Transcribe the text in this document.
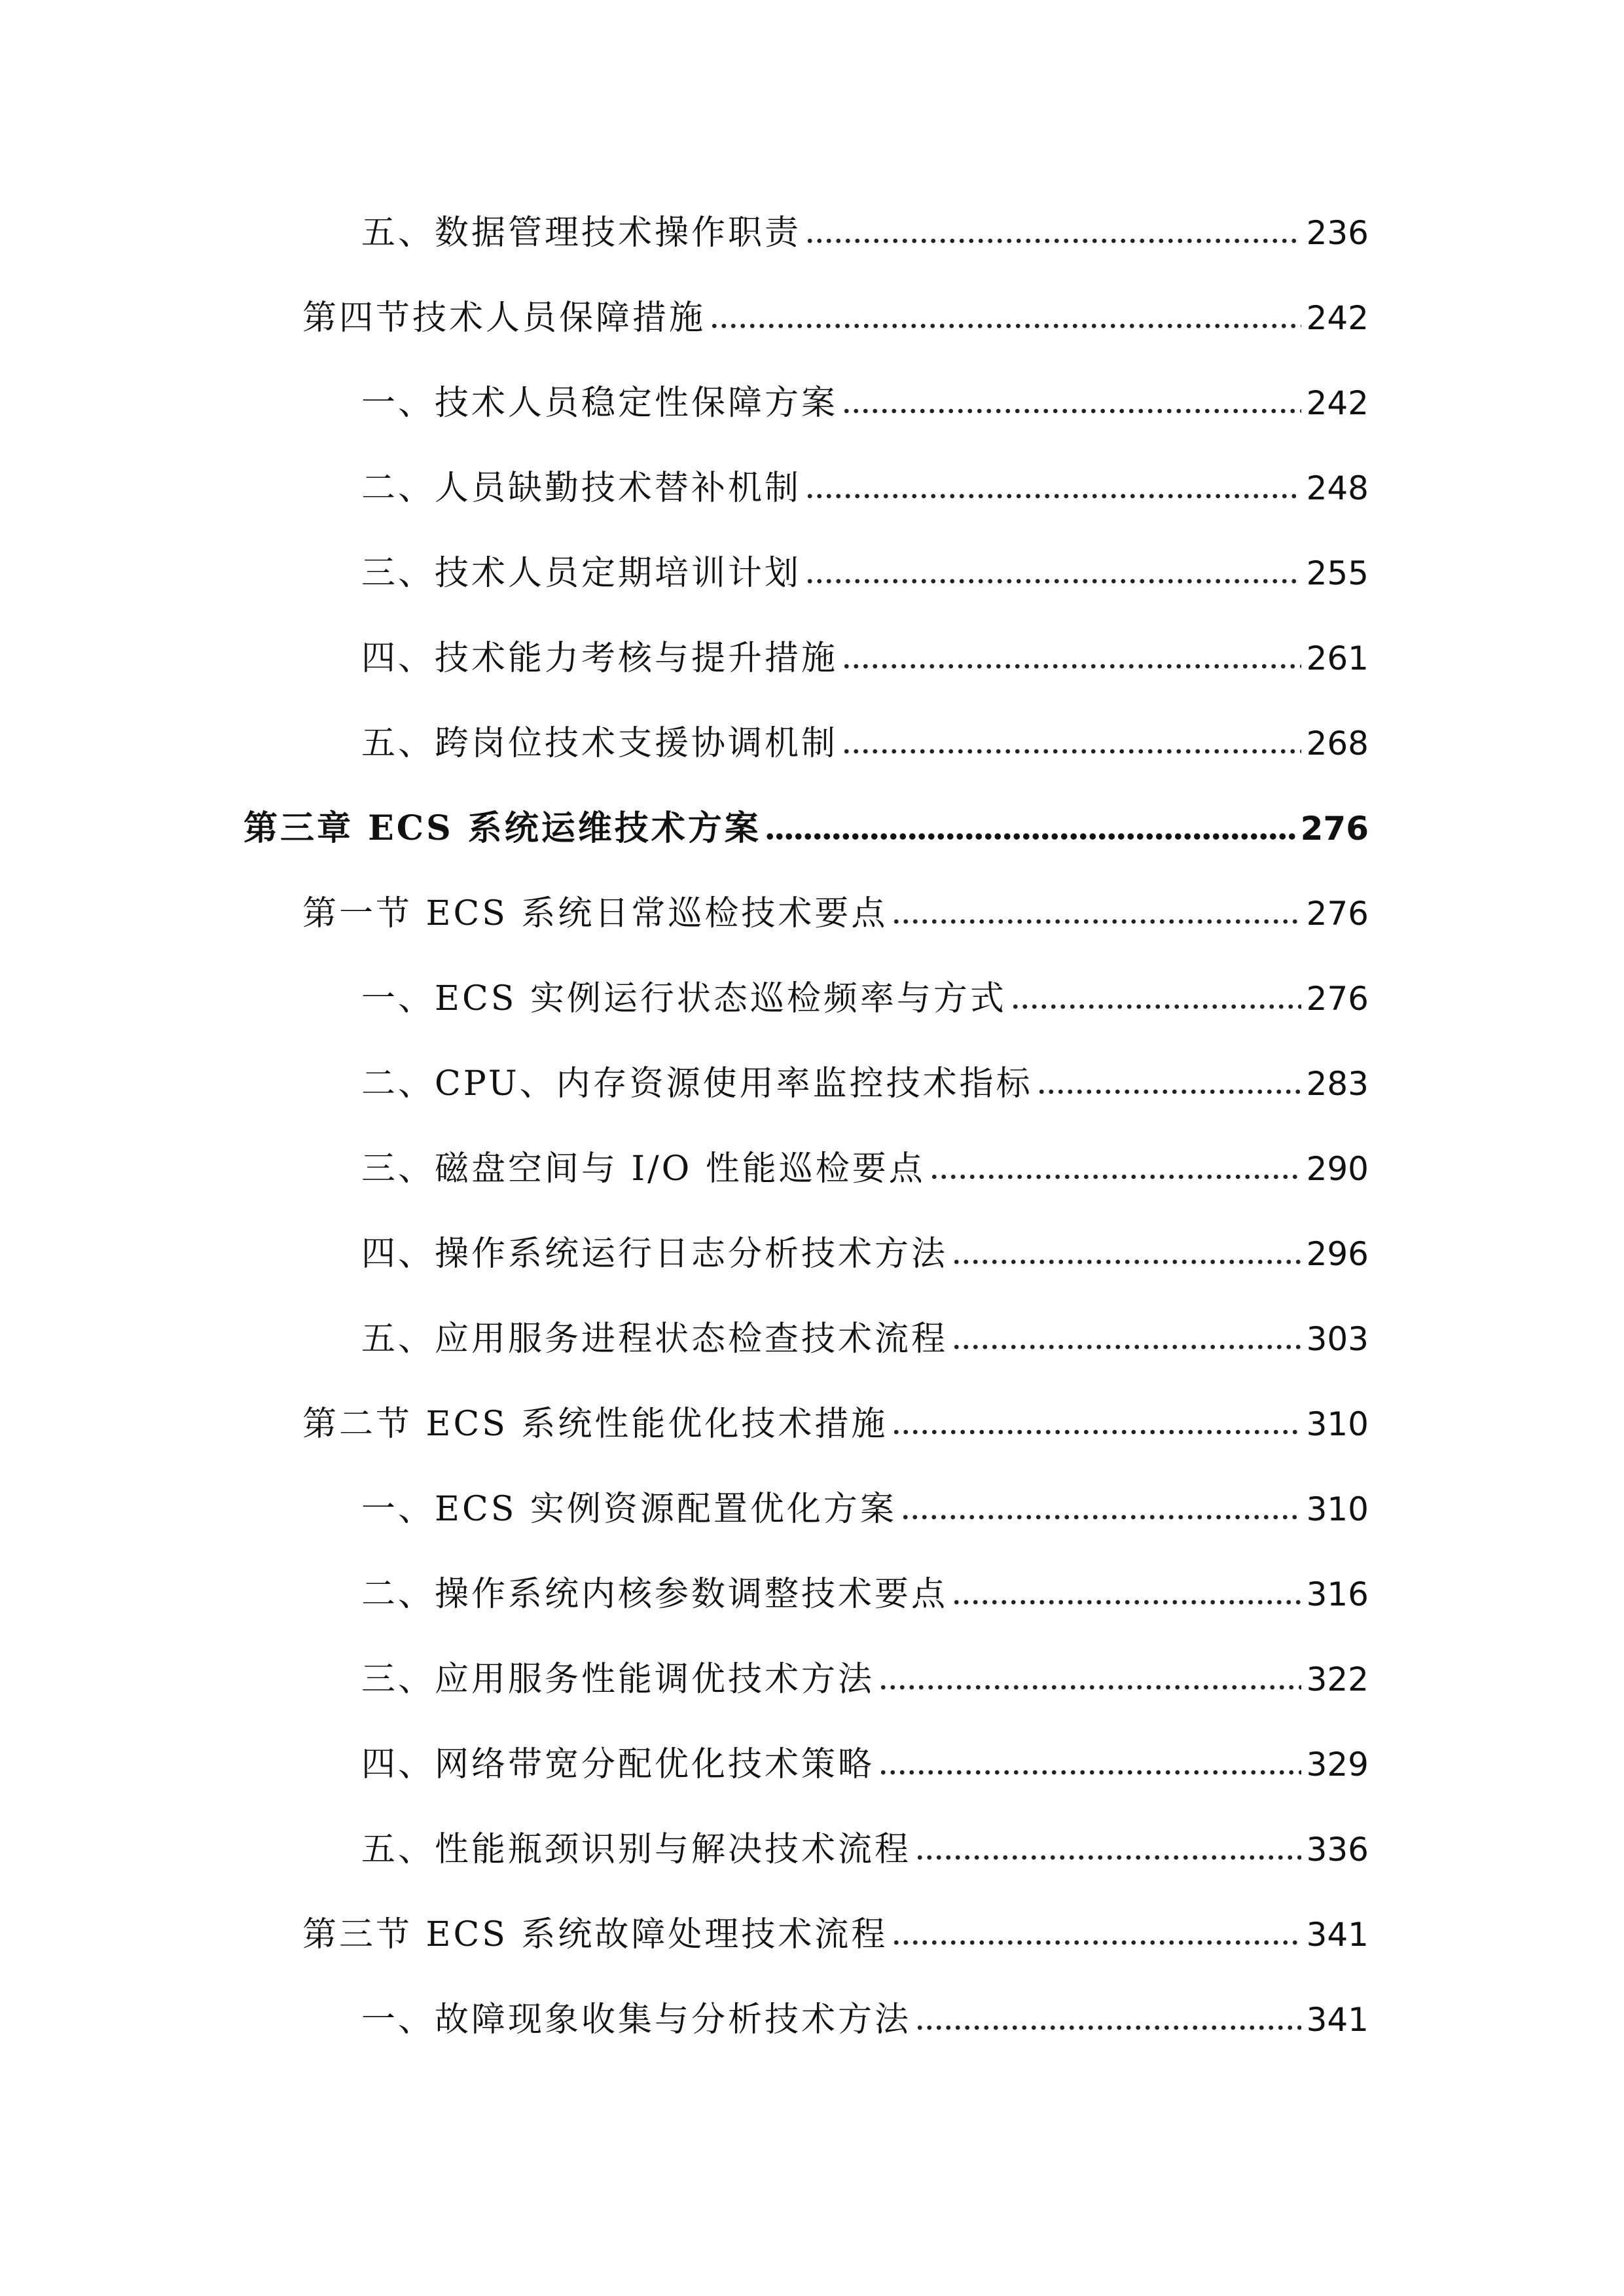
五、数据管理技术操作职责	236
第四节技术人员保障措施	242
一、技术人员稳定性保障方案	242
二、人员缺勤技术替补机制	248
三、技术人员定期培训计划	255
四、技术能力考核与提升措施	261
五、跨岗位技术支援协调机制	268
第三章 ECS 系统运维技术方案	276
第一节 ECS 系统日常巡检技术要点	276
一、ECS 实例运行状态巡检频率与方式	276
二、CPU、内存资源使用率监控技术指标	283
三、磁盘空间与 I/O 性能巡检要点	290
四、操作系统运行日志分析技术方法	296
五、应用服务进程状态检查技术流程	303
第二节 ECS 系统性能优化技术措施	310
一、ECS 实例资源配置优化方案	310
二、操作系统内核参数调整技术要点	316
三、应用服务性能调优技术方法	322
四、网络带宽分配优化技术策略	329
五、性能瓶颈识别与解决技术流程	336
第三节 ECS 系统故障处理技术流程	341
一、故障现象收集与分析技术方法	341
